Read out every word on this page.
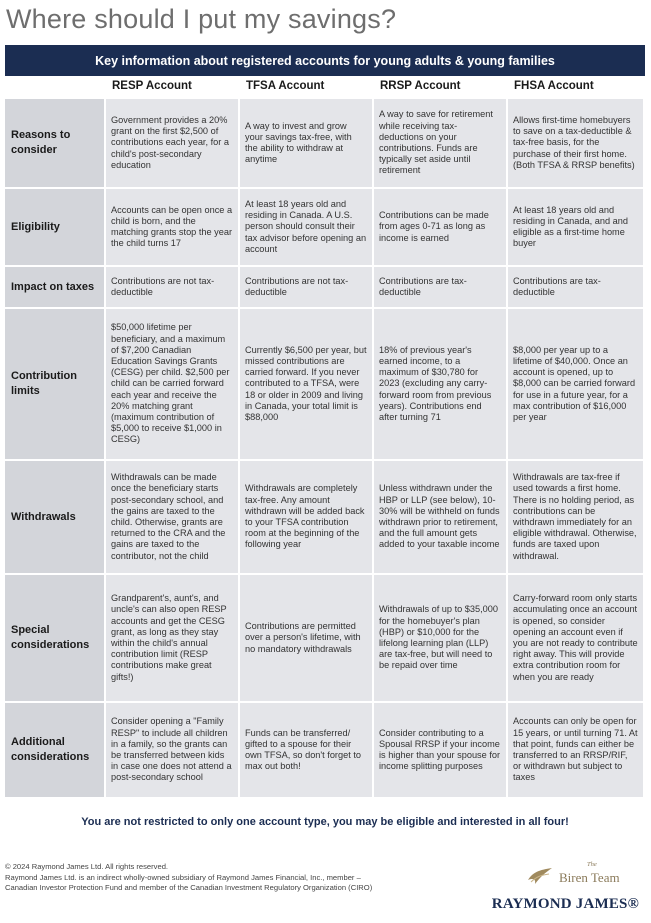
Where should I put my savings?
Key information about registered accounts for young adults & young families
	RESP Account	TFSA Account	RRSP Account	FHSA Account
Reasons to consider	Government provides a 20% grant on the first $2,500 of contributions each year, for a child's post-secondary education	A way to invest and grow your savings tax-free, with the ability to withdraw at anytime	A way to save for retirement while receiving tax-deductions on your contributions. Funds are typically set aside until retirement	Allows first-time homebuyers to save on a tax-deductible & tax-free basis, for the purchase of their first home. (Both TFSA & RRSP benefits)
Eligibility	Accounts can be open once a child is born, and the matching grants stop the year the child turns 17	At least 18 years old and residing in Canada. A U.S. person should consult their tax advisor before opening an account	Contributions can be made from ages 0-71 as long as income is earned	At least 18 years old and residing in Canada, and and eligible as a first-time home buyer
Impact on taxes	Contributions are not tax-deductible	Contributions are not tax-deductible	Contributions are tax-deductible	Contributions are tax-deductible
Contribution limits	$50,000 lifetime per beneficiary, and a maximum of $7,200 Canadian Education Savings Grants (CESG) per child. $2,500 per child can be carried forward each year and receive the 20% matching grant (maximum contribution of $5,000 to receive $1,000 in CESG)	Currently $6,500 per year, but missed contributions are carried forward. If you never contributed to a TFSA, were 18 or older in 2009 and living in Canada, your total limit is $88,000	18% of previous year's earned income, to a maximum of $30,780 for 2023 (excluding any carry-forward room from previous years). Contributions end after turning 71	$8,000 per year up to a lifetime of $40,000. Once an account is opened, up to $8,000 can be carried forward for use in a future year, for a max contribution of $16,000 per year
Withdrawals	Withdrawals can be made once the beneficiary starts post-secondary school, and the gains are taxed to the child. Otherwise, grants are returned to the CRA and the gains are taxed to the contributor, not the child	Withdrawals are completely tax-free. Any amount withdrawn will be added back to your TFSA contribution room at the beginning of the following year	Unless withdrawn under the HBP or LLP (see below), 10-30% will be withheld on funds withdrawn prior to retirement, and the full amount gets added to your taxable income	Withdrawals are tax-free if used towards a first home. There is no holding period, as contributions can be withdrawn immediately for an eligible withdrawal. Otherwise, funds are taxed upon withdrawal.
Special considerations	Grandparent's, aunt's, and uncle's can also open RESP accounts and get the CESG grant, as long as they stay within the child's annual contribution limit (RESP contributions make great gifts!)	Contributions are permitted over a person's lifetime, with no mandatory withdrawals	Withdrawals of up to $35,000 for the homebuyer's plan (HBP) or $10,000 for the lifelong learning plan (LLP) are tax-free, but will need to be repaid over time	Carry-forward room only starts accumulating once an account is opened, so consider opening an account even if you are not ready to contribute right away. This will provide extra contribution room for when you are ready
Additional considerations	Consider opening a "Family RESP" to include all children in a family, so the grants can be transferred between kids in case one does not attend a post-secondary school	Funds can be transferred/ gifted to a spouse for their own TFSA, so don't forget to max out both!	Consider contributing to a Spousal RRSP if your income is higher than your spouse for income splitting purposes	Accounts can only be open for 15 years, or until turning 71. At that point, funds can either be transferred to an RRSP/RIF, or withdrawn but subject to taxes
You are not restricted to only one account type, you may be eligible and interested in all four!
© 2024 Raymond James Ltd. All rights reserved.
Raymond James Ltd. is an indirect wholly-owned subsidiary of Raymond James Financial, Inc., member –
Canadian Investor Protection Fund and member of the Canadian Investment Regulatory Organization (CIRO)
The
Biren Team
RAYMOND JAMES®
